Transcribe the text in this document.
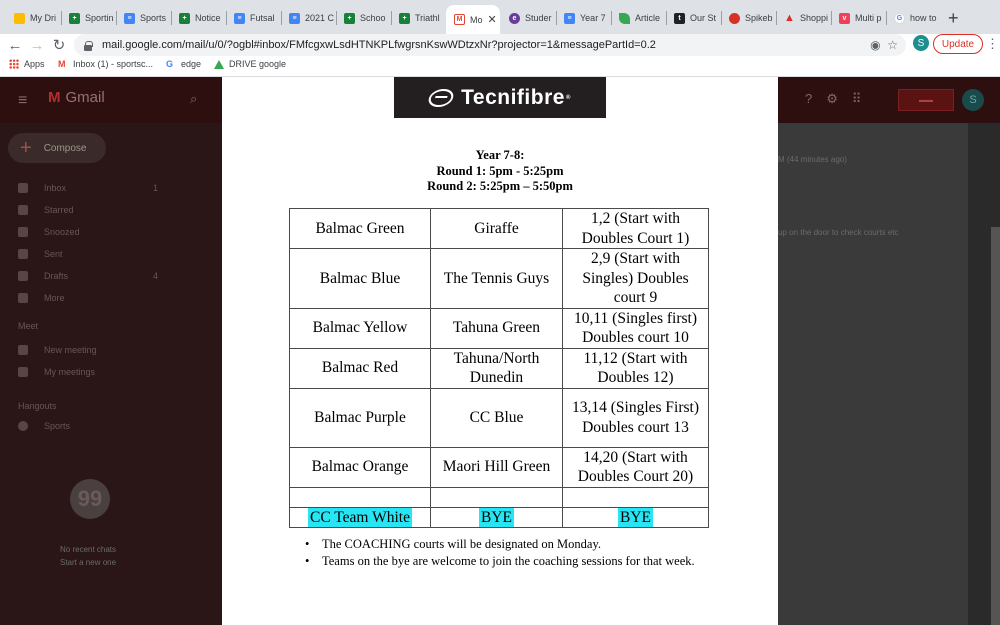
My Dri	+ Sportin	≡ Sports	+ Notice	≡ Futsal	≡ 2021 C	+ Schoo	+ Triathl	M Mo ✕	e Studer	≡ Year 7	Article	t	Our St	Spikeb ▲ Shoppi	v Multi p	G how to +
← → ↻	mail.google.com/mail/u/0/?ogbl#inbox/FMfcgxwLsdHTNKPLfwgrsnKswWDtzxNr?projector=1&messagePartId=0.2	◉  ☆	S	Update ⋮
Apps M Inbox (1) - sportsc... G edge	DRIVE google
≡ M Gmail	⌕	?⚙⠿	▬▬	S
+ Compose
Inbox	1
Starred
Snoozed
Sent
Drafts	4
More
Meet
New meeting
My meetings
Hangouts
Sports
No recent chats
Start a new one
99
M (44 minutes ago)
up on the door to check courts etc
Tecnifibre ®
Year 7-8:
Round 1: 5pm - 5:25pm
Round 2: 5:25pm – 5:50pm
Balmac Green	Giraffe	1,2 (Start with Doubles Court 1)
Balmac Blue	The Tennis Guys	2,9 (Start with Singles) Doubles court 9
Balmac Yellow	Tahuna Green	10,11 (Singles first) Doubles court 10
Balmac Red	Tahuna/North Dunedin	11,12 (Start with Doubles 12)
Balmac Purple	CC Blue	13,14 (Singles First) Doubles court 13
Balmac Orange	Maori Hill Green	14,20 (Start with Doubles Court 20)

CC Team White	BYE	BYE
• The COACHING courts will be designated on Monday.
• Teams on the bye are welcome to join the coaching sessions for that week.
